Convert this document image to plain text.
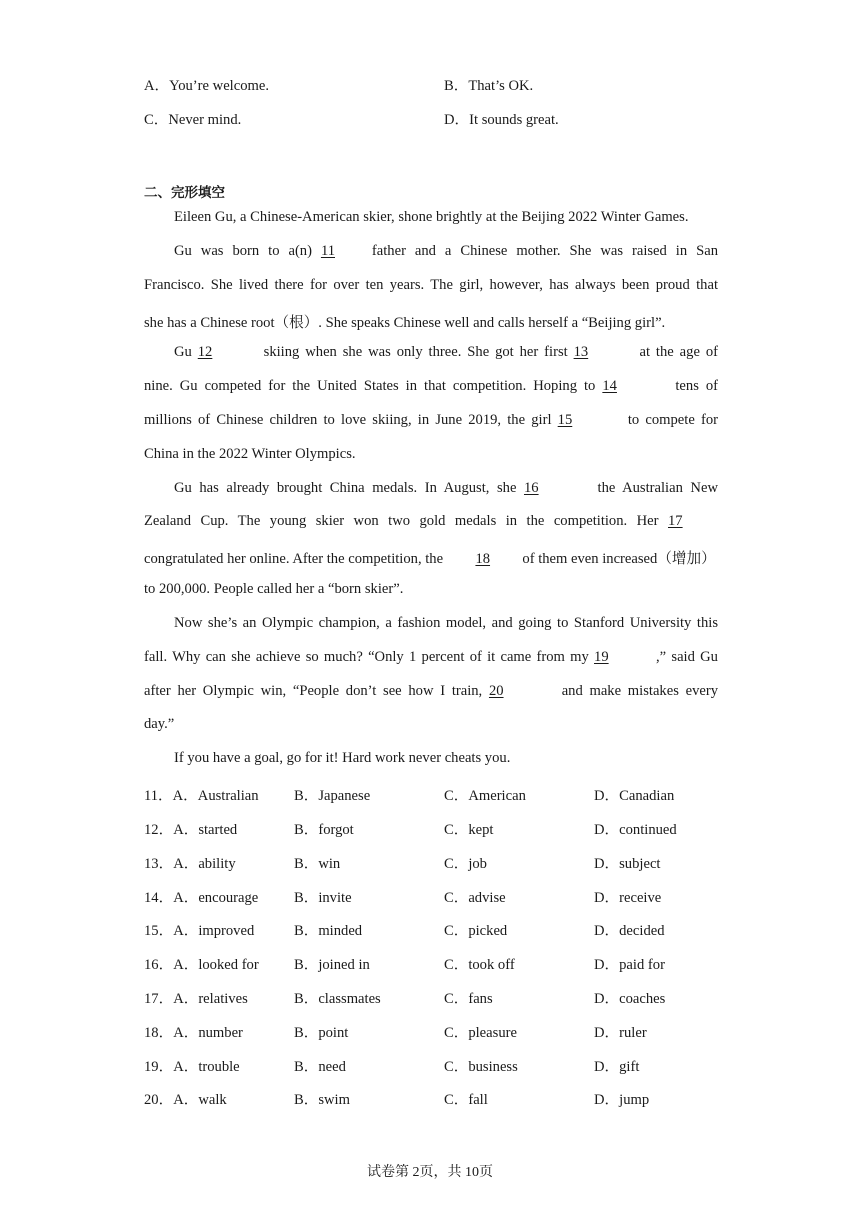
A．You’re welcome.	B．That’s OK.
C．Never mind.	D．It sounds great.
二、完形填空
Eileen Gu, a Chinese-American skier, shone brightly at the Beijing 2022 Winter Games.
Gu was born to a(n) 11	father and a Chinese mother. She was raised in San
Francisco. She lived there for over ten years. The girl, however, has always been proud that
she has a Chinese root（根）. She speaks Chinese well and calls herself a “Beijing girl”.
Gu 12	skiing when she was only three. She got her first 13	at the age of
nine. Gu competed for the United States in that competition. Hoping to 14	tens of
millions of Chinese children to love skiing, in June 2019, the girl 15	to compete for
China in the 2022 Winter Olympics.
Gu has already brought China medals. In August, she 16	the Australian New
Zealand Cup. The young skier won two gold medals in the competition. Her 17
congratulated her online. After the competition, the 18 of them even increased（增加）
to 200,000. People called her a “born skier”.
Now she’s an Olympic champion, a fashion model, and going to Stanford University this
fall. Why can she achieve so much? “Only 1 percent of it came from my 19	,” said Gu
after her Olympic win, “People don’t see how I train, 20	and make mistakes every
day.”
If you have a goal, go for it! Hard work never cheats you.
11．A．Australian B．Japanese	C．American	D．Canadian
12．A．started	B．forgot	C．kept	D．continued
13．A．ability	B．win	C．job	D．subject
14．A．encourage B．invite	C．advise	D．receive
15．A．improved	B．minded	C．picked	D．decided
16．A．looked for B．joined in	C．took off	D．paid for
17．A．relatives	B．classmates	C．fans	D．coaches
18．A．number	B．point	C．pleasure	D．ruler
19．A．trouble	B．need	C．business	D．gift
20．A．walk	B．swim	C．fall	D．jump
试卷第 2页，共 10页
